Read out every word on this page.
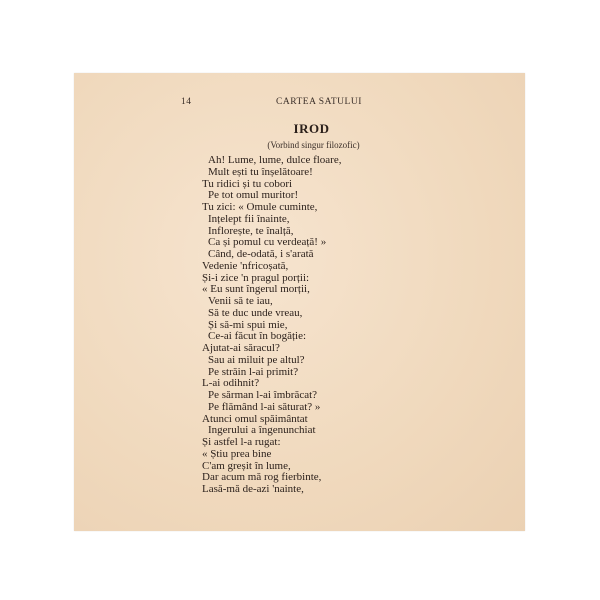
14	CARTEA SATULUI
IROD
(Vorbind singur filozofic)
Ah! Lume, lume, dulce floare,
Mult ești tu înșelătoare!
Tu ridici și tu cobori
Pe tot omul muritor!
Tu zici: « Omule cuminte,
Ințelept fii înainte,
Inflorește, te înalță,
Ca și pomul cu verdeață! »
Când, de-odată, i s'arată
Vedenie 'nfricoșată,
Și-i zice 'n pragul porții:
« Eu sunt îngerul morții,
Venii să te iau,
Să te duc unde vreau,
Și să-mi spui mie,
Ce-ai făcut în bogăție:
Ajutat-ai săracul?
Sau ai miluit pe altul?
Pe străin l-ai primit?
L-ai odihnit?
Pe sărman l-ai îmbrăcat?
Pe flămând l-ai săturat? »
Atunci omul spăimântat
Ingerului a îngenunchiat
Și astfel l-a rugat:
« Știu prea bine
C'am greșit în lume,
Dar acum mă rog fierbinte,
Lasă-mă de-azi 'nainte,
